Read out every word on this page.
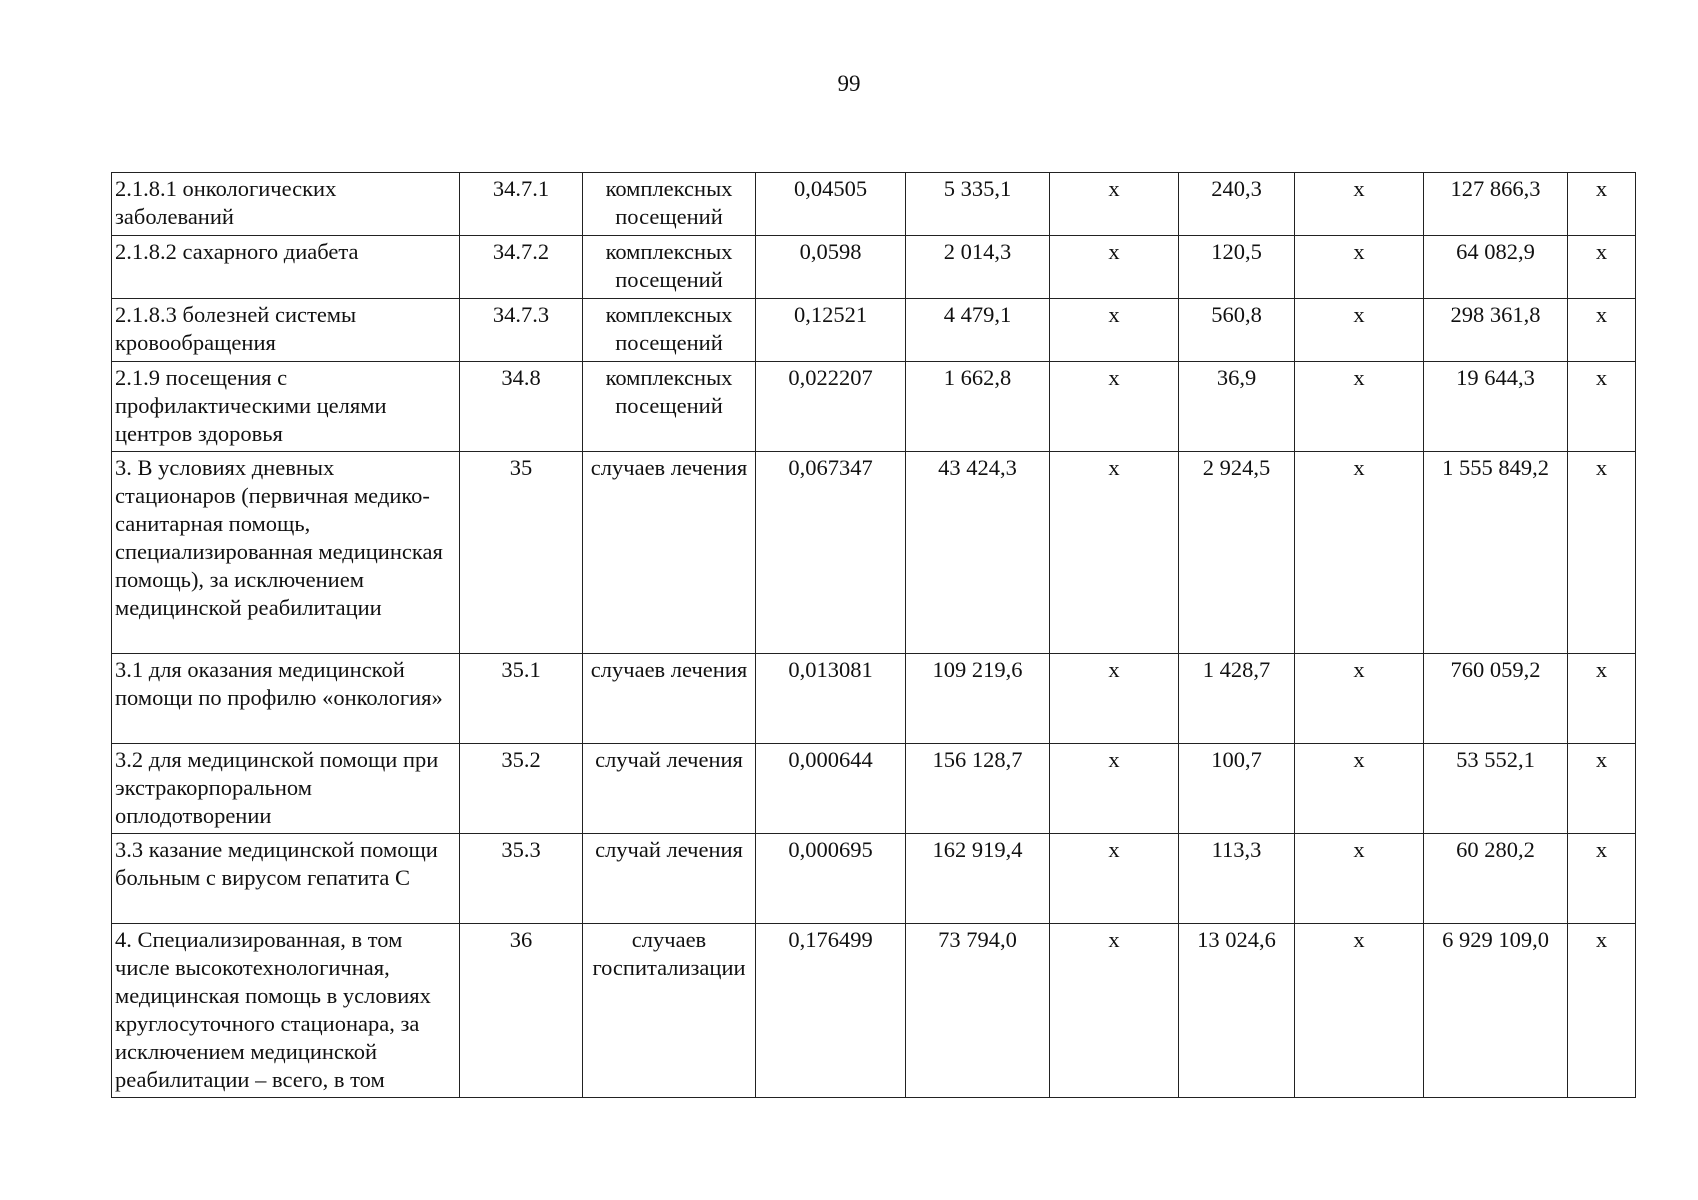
99
2.1.8.1 онкологических заболеваний	34.7.1	комплексных посещений	0,04505	5 335,1	х	240,3	х	127 866,3	х
2.1.8.2 сахарного диабета	34.7.2	комплексных посещений	0,0598	2 014,3	х	120,5	х	64 082,9	х
2.1.8.3 болезней системы кровообращения	34.7.3	комплексных посещений	0,12521	4 479,1	х	560,8	х	298 361,8	х
2.1.9 посещения с профилактическими целями центров здоровья	34.8	комплексных посещений	0,022207	1 662,8	х	36,9	х	19 644,3	х
3. В условиях дневных стационаров (первичная медико-санитарная помощь, специализированная медицинская помощь), за исключением медицинской реабилитации	35	случаев лечения	0,067347	43 424,3	х	2 924,5	х	1 555 849,2	х
3.1 для оказания медицинской помощи по профилю «онкология»	35.1	случаев лечения	0,013081	109 219,6	х	1 428,7	х	760 059,2	х
3.2 для медицинской помощи при экстракорпоральном оплодотворении	35.2	случай лечения	0,000644	156 128,7	х	100,7	х	53 552,1	х
3.3 казание медицинской помощи больным с вирусом гепатита С	35.3	случай лечения	0,000695	162 919,4	х	113,3	х	60 280,2	х
4. Специализированная, в том числе высокотехнологичная, медицинская помощь в условиях круглосуточного стационара, за исключением медицинской реабилитации – всего, в том	36	случаев госпитализации	0,176499	73 794,0	х	13 024,6	х	6 929 109,0	х
